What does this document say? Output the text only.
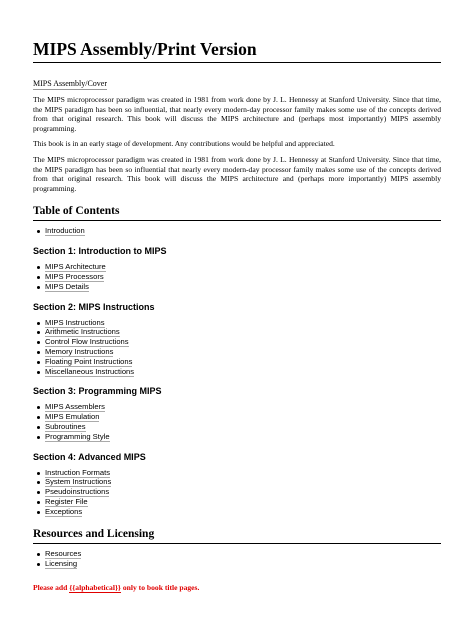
MIPS Assembly/Print Version
MIPS Assembly/Cover

The MIPS microprocessor paradigm was created in 1981 from work done by J. L. Hennessy at Stanford University. Since that time, the MIPS paradigm has been so influential, that nearly every modern-day processor family makes some use of the concepts derived from that original research. This book will discuss the MIPS architecture and (perhaps most importantly) MIPS assembly programming.

This book is in an early stage of development. Any contributions would be helpful and appreciated.

The MIPS microprocessor paradigm was created in 1981 from work done by J. L. Hennessy at Stanford University. Since that time, the MIPS paradigm has been so influential that nearly every modern-day processor family makes some use of the concepts derived from that original research. This book will discuss the MIPS architecture and (perhaps more importantly) MIPS assembly programming.

Table of Contents
Introduction
Section 1: Introduction to MIPS
MIPS Architecture
MIPS Processors
MIPS Details
Section 2: MIPS Instructions
MIPS Instructions
Arithmetic Instructions
Control Flow Instructions
Memory Instructions
Floating Point Instructions
Miscellaneous Instructions
Section 3: Programming MIPS
MIPS Assemblers
MIPS Emulation
Subroutines
Programming Style
Section 4: Advanced MIPS
Instruction Formats
System Instructions
Pseudoinstructions
Register File
Exceptions
Resources and Licensing
Resources
Licensing
Please add {{alphabetical}} only to book title pages.
